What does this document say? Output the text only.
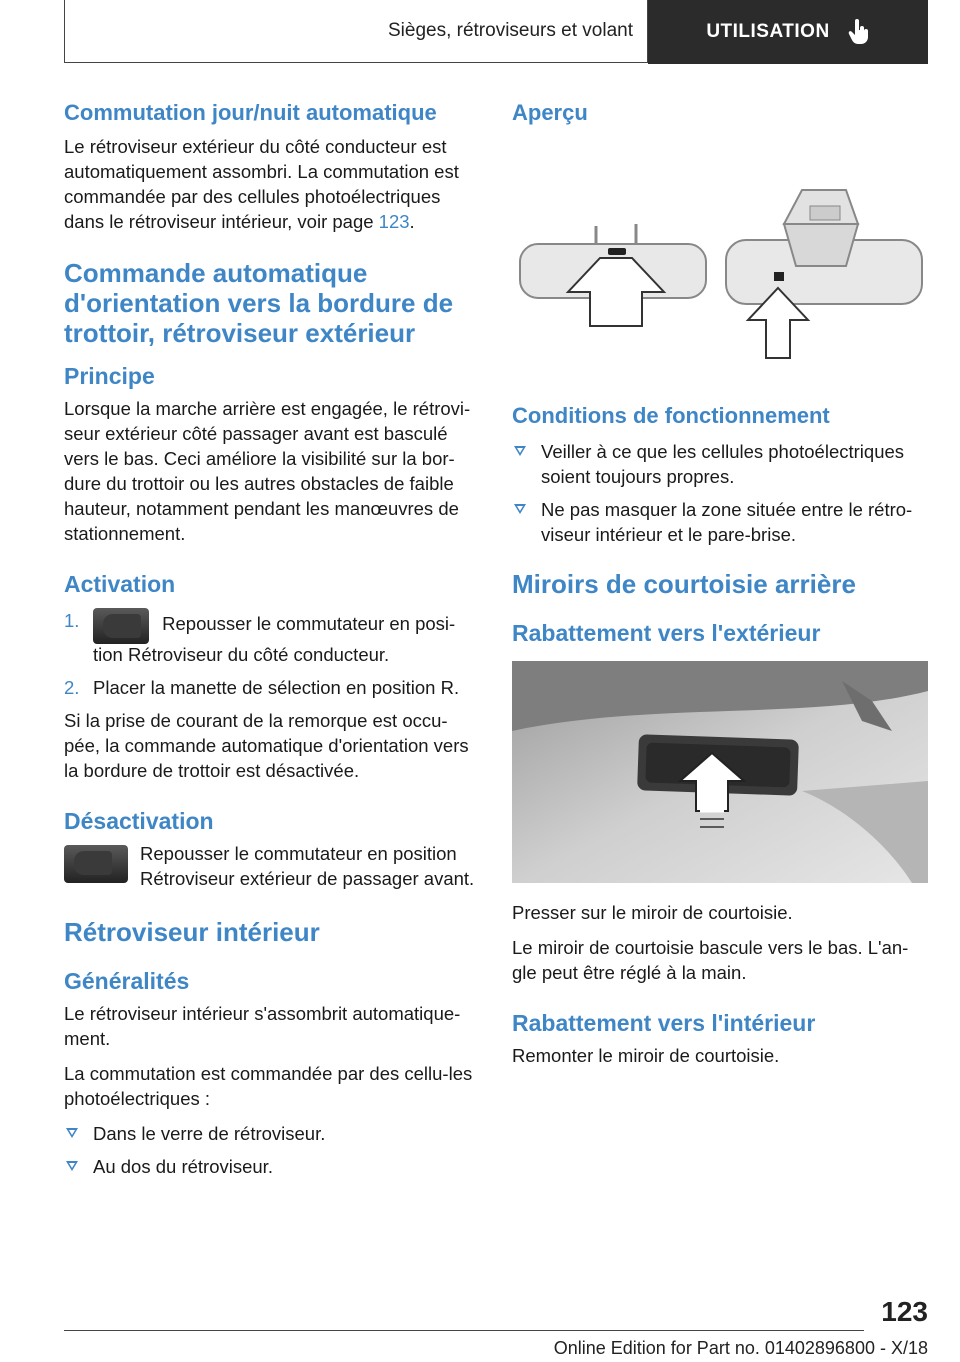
Sièges, rétroviseurs et volant	UTILISATION
Commutation jour/nuit automatique

Le rétroviseur extérieur du côté conducteur est automatiquement assombri. La commutation est commandée par des cellules photoélectriques dans le rétroviseur intérieur, voir page 123.

Commande automatique d'orientation vers la bordure de trottoir, rétroviseur extérieur
Principe

Lorsque la marche arrière est engagée, le rétrovi‐seur extérieur côté passager avant est basculé vers le bas. Ceci améliore la visibilité sur la bor‐dure du trottoir ou les autres obstacles de faible hauteur, notamment pendant les manœuvres de stationnement.

Activation
1.	Repousser le commutateur en posi‐tion Rétroviseur du côté conducteur.
2. Placer la manette de sélection en position R.

Si la prise de courant de la remorque est occu‐pée, la commande automatique d'orientation vers la bordure de trottoir est désactivée.

Désactivation

Repousser le commutateur en position Rétroviseur extérieur de passager avant.

Rétroviseur intérieur
Généralités

Le rétroviseur intérieur s'assombrit automatique‐ment.

La commutation est commandée par des cellu‐les photoélectriques :

Dans le verre de rétroviseur.
Au dos du rétroviseur.
Aperçu
Conditions de fonctionnement
Veiller à ce que les cellules photoélectriques soient toujours propres.
Ne pas masquer la zone située entre le rétro‐viseur intérieur et le pare-brise.
Miroirs de courtoisie arrière
Rabattement vers l'extérieur

Presser sur le miroir de courtoisie.

Le miroir de courtoisie bascule vers le bas. L'an‐gle peut être réglé à la main.

Rabattement vers l'intérieur

Remonter le miroir de courtoisie.

123
Online Edition for Part no. 01402896800 - X/18
